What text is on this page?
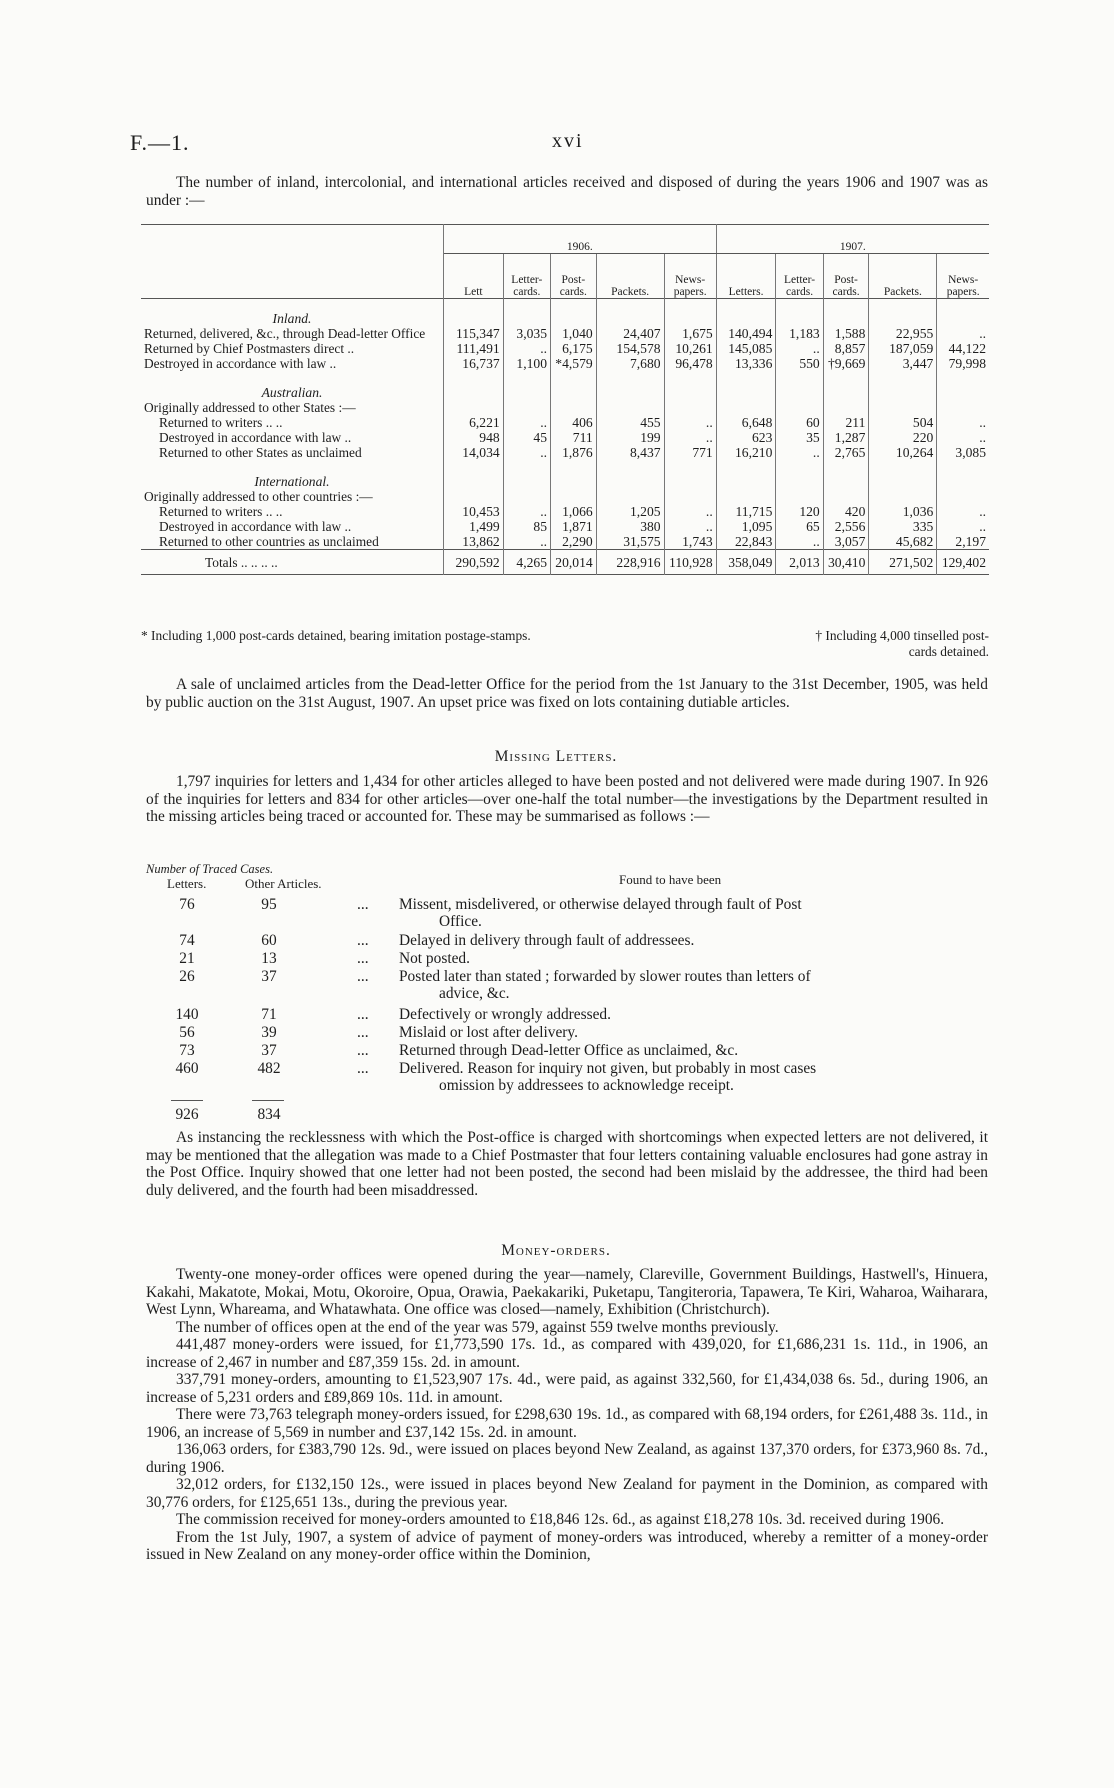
F.—1.	xvi
The number of inland, intercolonial, and international articles received and disposed of during the years 1906 and 1907 was as under :—
	1906.					1907.				
	Lett	Letter-cards.	Post-cards.	Packets.	News-papers.	Letters.	Letter-cards.	Post-cards.	Packets.	News-papers.
Inland.										
Returned, delivered, &c., through Dead-letter Office	115,347	3,035	1,040	24,407	1,675	140,494	1,183	1,588	22,955	..
Returned by Chief Postmasters direct ..	111,491	..	6,175	154,578	10,261	145,085	..	8,857	187,059	44,122
Destroyed in accordance with law ..	16,737	1,100	*4,579	7,680	96,478	13,336	550	†9,669	3,447	79,998
Australian.										
Originally addressed to other States :—										
Returned to writers .. ..	6,221	..	406	455	..	6,648	60	211	504	..
Destroyed in accordance with law ..	948	45	711	199	..	623	35	1,287	220	..
Returned to other States as unclaimed	14,034	..	1,876	8,437	771	16,210	..	2,765	10,264	3,085
International.										
Originally addressed to other countries :—										
Returned to writers .. ..	10,453	..	1,066	1,205	..	11,715	120	420	1,036	..
Destroyed in accordance with law ..	1,499	85	1,871	380	..	1,095	65	2,556	335	..
Returned to other countries as unclaimed	13,862	..	2,290	31,575	1,743	22,843	..	3,057	45,682	2,197
Totals .. .. .. ..	290,592	4,265	20,014	228,916	110,928	358,049	2,013	30,410	271,502	129,402
* Including 1,000 post-cards detained, bearing imitation postage-stamps.	† Including 4,000 tinselled post-cards detained.
A sale of unclaimed articles from the Dead-letter Office for the period from the 1st January to the 31st December, 1905, was held by public auction on the 31st August, 1907. An upset price was fixed on lots containing dutiable articles.
Missing Letters.
1,797 inquiries for letters and 1,434 for other articles alleged to have been posted and not delivered were made during 1907. In 926 of the inquiries for letters and 834 for other articles—over one-half the total number—the investigations by the Department resulted in the missing articles being traced or accounted for. These may be summarised as follows :—
Number of Traced Cases.
Letters.	Other Articles.	Found to have been
76	95	... Missent, misdelivered, or otherwise delayed through fault of Post
Office.
74	60	... Delayed in delivery through fault of addressees.
21	13	... Not posted.
26	37	... Posted later than stated ; forwarded by slower routes than letters of
advice, &c.
140	71	... Defectively or wrongly addressed.
56	39	... Mislaid or lost after delivery.
73	37	... Returned through Dead-letter Office as unclaimed, &c.
460	482	... Delivered. Reason for inquiry not given, but probably in most cases
omission by addressees to acknowledge receipt.
926	834
As instancing the recklessness with which the Post-office is charged with shortcomings when expected letters are not delivered, it may be mentioned that the allegation was made to a Chief Postmaster that four letters containing valuable enclosures had gone astray in the Post Office. Inquiry showed that one letter had not been posted, the second had been mislaid by the addressee, the third had been duly delivered, and the fourth had been misaddressed.
Money-orders.
Twenty-one money-order offices were opened during the year—namely, Clareville, Government Buildings, Hastwell's, Hinuera, Kakahi, Makatote, Mokai, Motu, Okoroire, Opua, Orawia, Paekakariki, Puketapu, Tangiteroria, Tapawera, Te Kiri, Waharoa, Waiharara, West Lynn, Whareama, and Whatawhata. One office was closed—namely, Exhibition (Christchurch).
The number of offices open at the end of the year was 579, against 559 twelve months previously.
441,487 money-orders were issued, for £1,773,590 17s. 1d., as compared with 439,020, for £1,686,231 1s. 11d., in 1906, an increase of 2,467 in number and £87,359 15s. 2d. in amount.
337,791 money-orders, amounting to £1,523,907 17s. 4d., were paid, as against 332,560, for £1,434,038 6s. 5d., during 1906, an increase of 5,231 orders and £89,869 10s. 11d. in amount.
There were 73,763 telegraph money-orders issued, for £298,630 19s. 1d., as compared with 68,194 orders, for £261,488 3s. 11d., in 1906, an increase of 5,569 in number and £37,142 15s. 2d. in amount.
136,063 orders, for £383,790 12s. 9d., were issued on places beyond New Zealand, as against 137,370 orders, for £373,960 8s. 7d., during 1906.
32,012 orders, for £132,150 12s., were issued in places beyond New Zealand for payment in the Dominion, as compared with 30,776 orders, for £125,651 13s., during the previous year.
The commission received for money-orders amounted to £18,846 12s. 6d., as against £18,278 10s. 3d. received during 1906.
From the 1st July, 1907, a system of advice of payment of money-orders was introduced, whereby a remitter of a money-order issued in New Zealand on any money-order office within the Dominion,
